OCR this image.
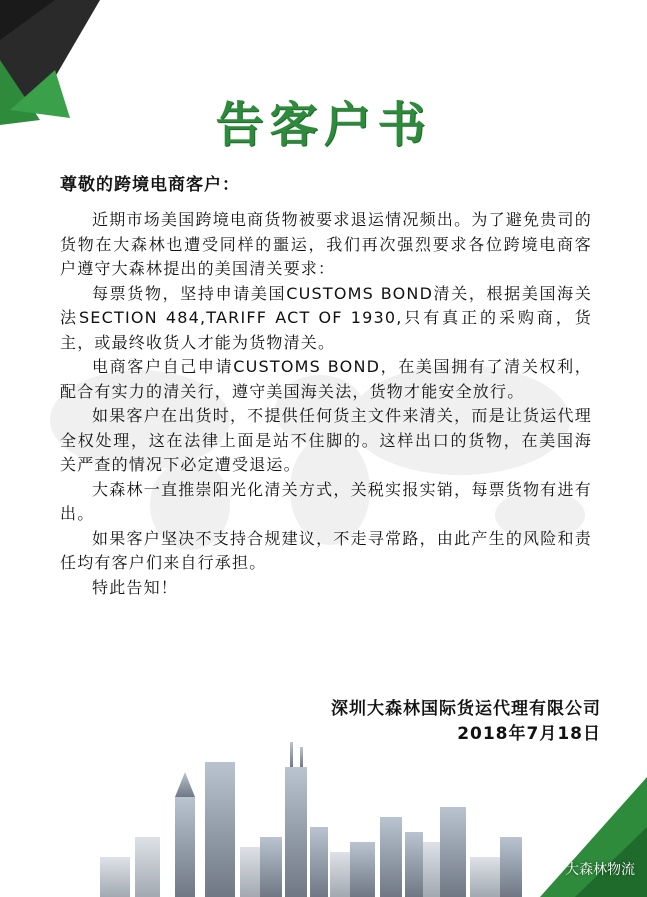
告客户书
尊敬的跨境电商客户：

近期市场美国跨境电商货物被要求退运情况频出。为了避免贵司的货物在大森林也遭受同样的噩运，我们再次强烈要求各位跨境电商客户遵守大森林提出的美国清关要求：

每票货物，坚持申请美国CUSTOMS BOND清关，根据美国海关法SECTION 484,TARIFF ACT OF 1930,只有真正的采购商，货主，或最终收货人才能为货物清关。

电商客户自己申请CUSTOMS BOND，在美国拥有了清关权利，配合有实力的清关行，遵守美国海关法，货物才能安全放行。

如果客户在出货时，不提供任何货主文件来清关，而是让货运代理全权处理，这在法律上面是站不住脚的。这样出口的货物，在美国海关严查的情况下必定遭受退运。

大森林一直推崇阳光化清关方式，关税实报实销，每票货物有进有出。

如果客户坚决不支持合规建议，不走寻常路，由此产生的风险和责任均有客户们来自行承担。

特此告知！

深圳大森林国际货运代理有限公司
2018年7月18日
大森林物流
